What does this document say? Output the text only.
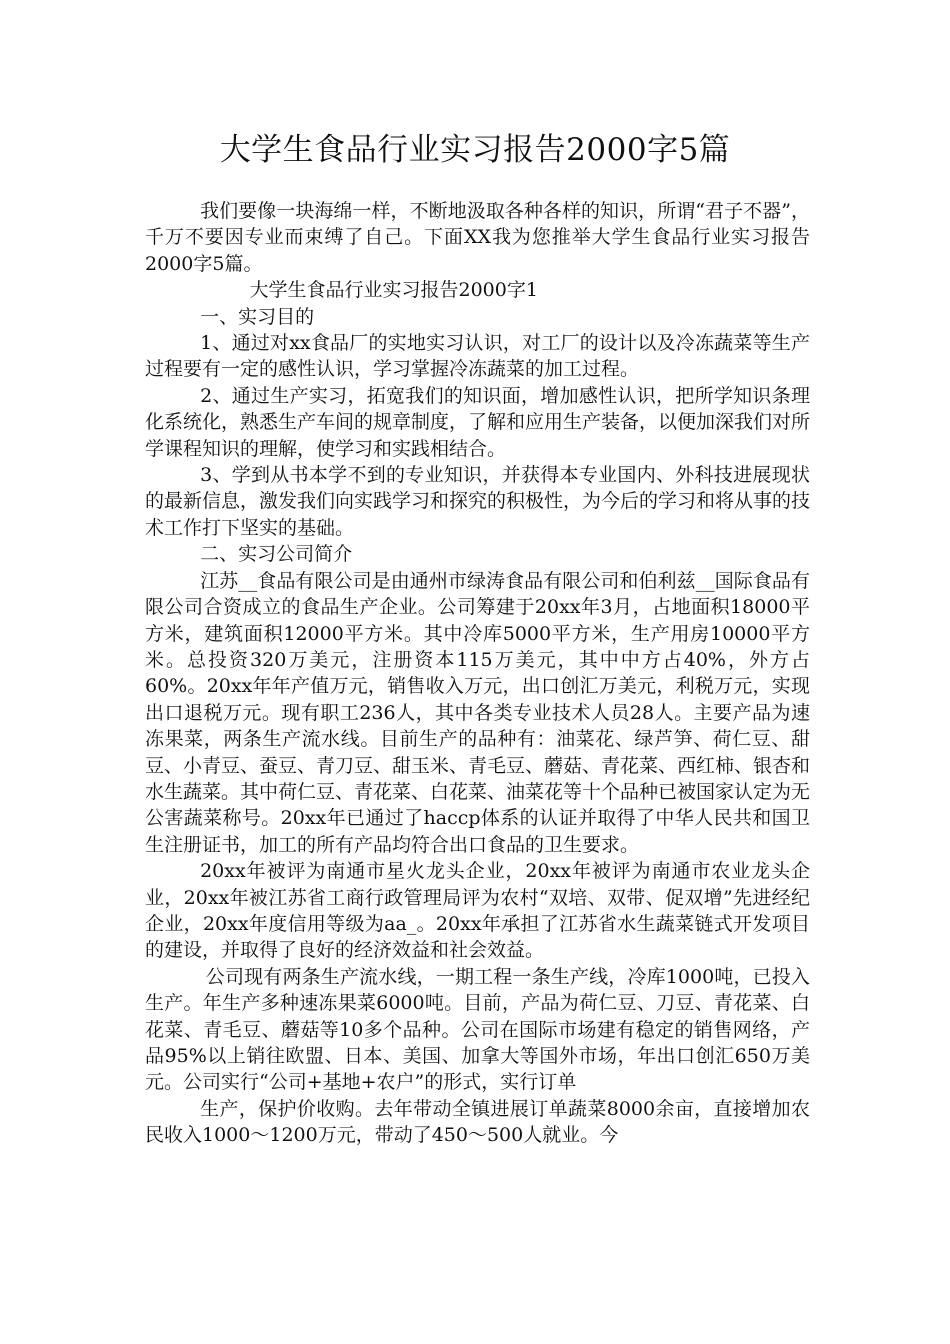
大学生食品行业实习报告2000字5篇

我们要像一块海绵一样，不断地汲取各种各样的知识，所谓“君子不器”，千万不要因专业而束缚了自己。下面XX我为您推举大学生食品行业实习报告2000字5篇。

大学生食品行业实习报告2000字1

一、实习目的

1、通过对xx食品厂的实地实习认识，对工厂的设计以及冷冻蔬菜等生产过程要有一定的感性认识，学习掌握冷冻蔬菜的加工过程。

2、通过生产实习，拓宽我们的知识面，增加感性认识，把所学知识条理化系统化，熟悉生产车间的规章制度，了解和应用生产装备，以便加深我们对所学课程知识的理解，使学习和实践相结合。

3、学到从书本学不到的专业知识，并获得本专业国内、外科技进展现状的最新信息，激发我们向实践学习和探究的积极性，为今后的学习和将从事的技术工作打下坚实的基础。

二、实习公司简介

江苏__食品有限公司是由通州市绿涛食品有限公司和伯利兹__国际食品有限公司合资成立的食品生产企业。公司筹建于20xx年3月，占地面积18000平方米，建筑面积12000平方米。其中冷库5000平方米，生产用房10000平方米。总投资320万美元，注册资本115万美元，其中中方占40%，外方占60%。20xx年年产值万元，销售收入万元，出口创汇万美元，利税万元，实现出口退税万元。现有职工236人，其中各类专业技术人员28人。主要产品为速冻果菜，两条生产流水线。目前生产的品种有：油菜花、绿芦笋、荷仁豆、甜豆、小青豆、蚕豆、青刀豆、甜玉米、青毛豆、蘑菇、青花菜、西红柿、银杏和水生蔬菜。其中荷仁豆、青花菜、白花菜、油菜花等十个品种已被国家认定为无公害蔬菜称号。20xx年已通过了haccp体系的认证并取得了中华人民共和国卫生注册证书，加工的所有产品均符合出口食品的卫生要求。

20xx年被评为南通市星火龙头企业，20xx年被评为南通市农业龙头企业，20xx年被江苏省工商行政管理局评为农村“双培、双带、促双增”先进经纪企业，20xx年度信用等级为aa_。20xx年承担了江苏省水生蔬菜链式开发项目的建设，并取得了良好的经济效益和社会效益。

公司现有两条生产流水线，一期工程一条生产线，冷库1000吨，已投入生产。年生产多种速冻果菜6000吨。目前，产品为荷仁豆、刀豆、青花菜、白花菜、青毛豆、蘑菇等10多个品种。公司在国际市场建有稳定的销售网络，产品95%以上销往欧盟、日本、美国、加拿大等国外市场，年出口创汇650万美元。公司实行“公司+基地+农户”的形式，实行订单

生产，保护价收购。去年带动全镇进展订单蔬菜8000余亩，直接增加农民收入1000～1200万元，带动了450～500人就业。今
